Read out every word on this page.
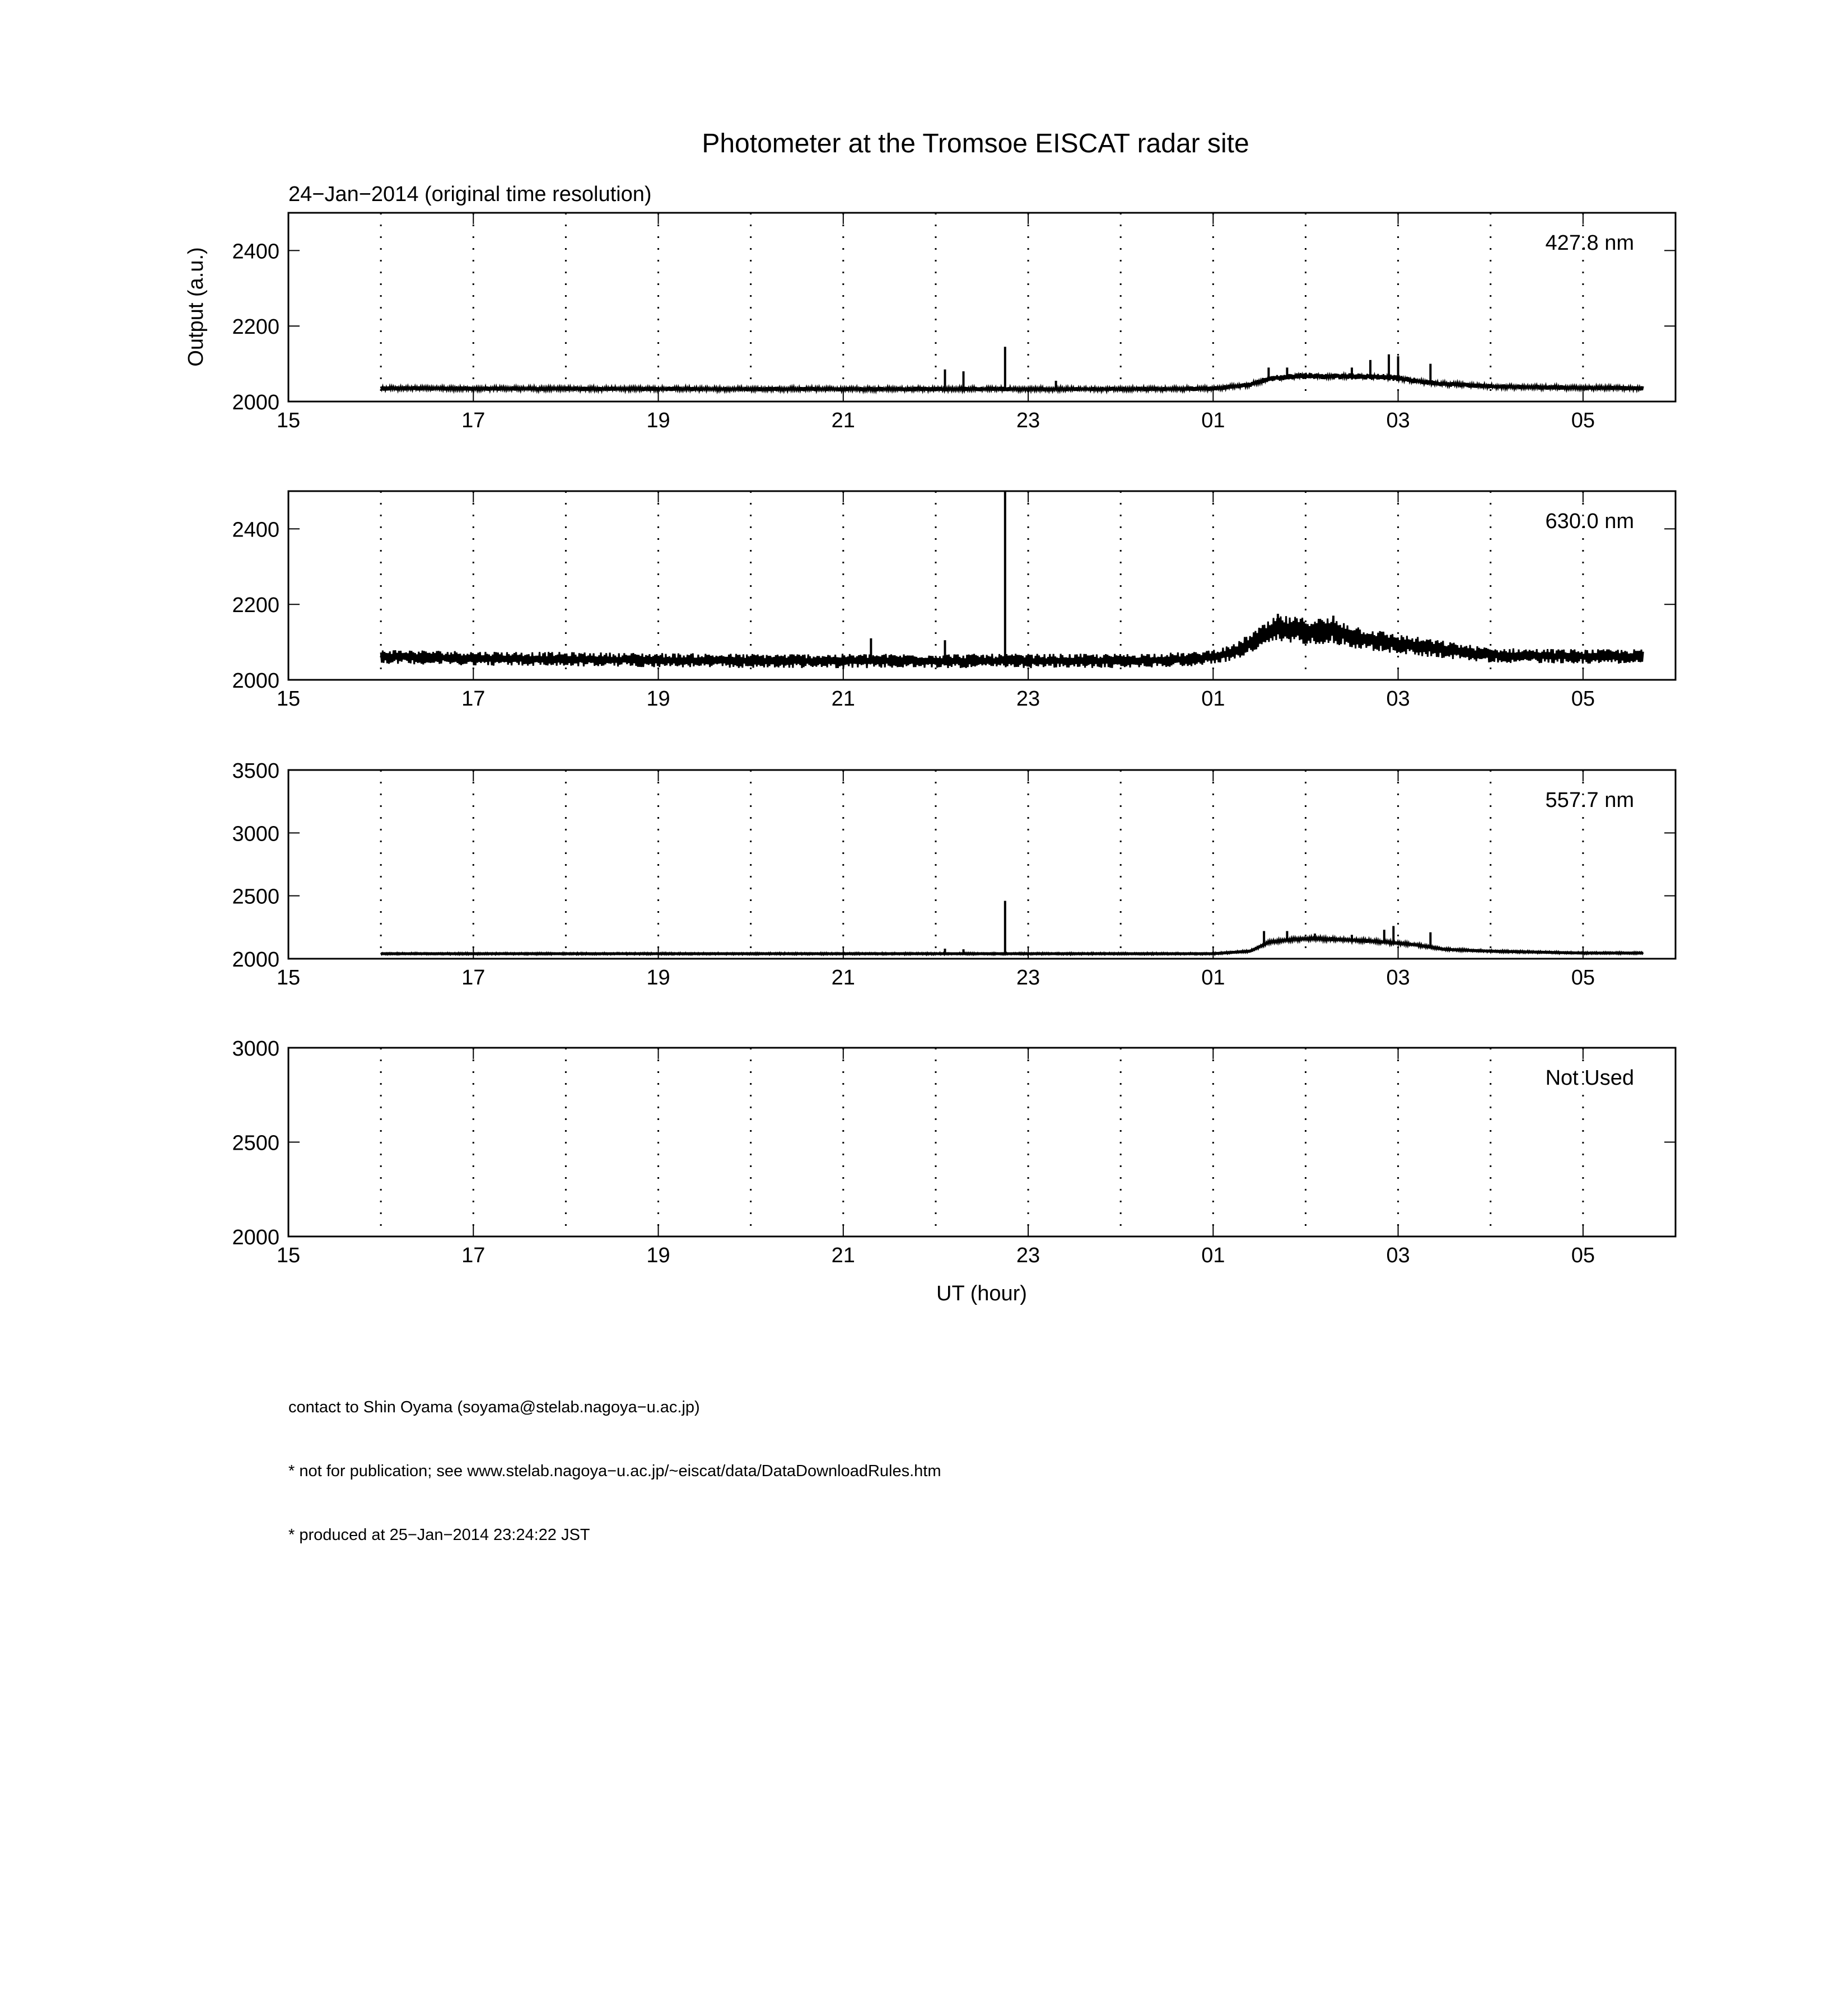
Photometer at the Tromsoe EISCAT radar site
24−Jan−2014 (original time resolution)
Output (a.u.)
UT (hour)
15	17	19	21	23	01	03	05
2000
2200
2400	427.8 nm
15	17	19	21	23	01	03	05
2000
2200
2400	630.0 nm
15	17	19	21	23	01	03	05
2000
2500
3000
3500
557.7 nm
15	17	19	21	23	01	03	05
2000
2500
3000
Not Used

contact to Shin Oyama (soyama@stelab.nagoya−u.ac.jp)

* not for publication; see www.stelab.nagoya−u.ac.jp/~eiscat/data/DataDownloadRules.htm

* produced at 25−Jan−2014 23:24:22 JST
